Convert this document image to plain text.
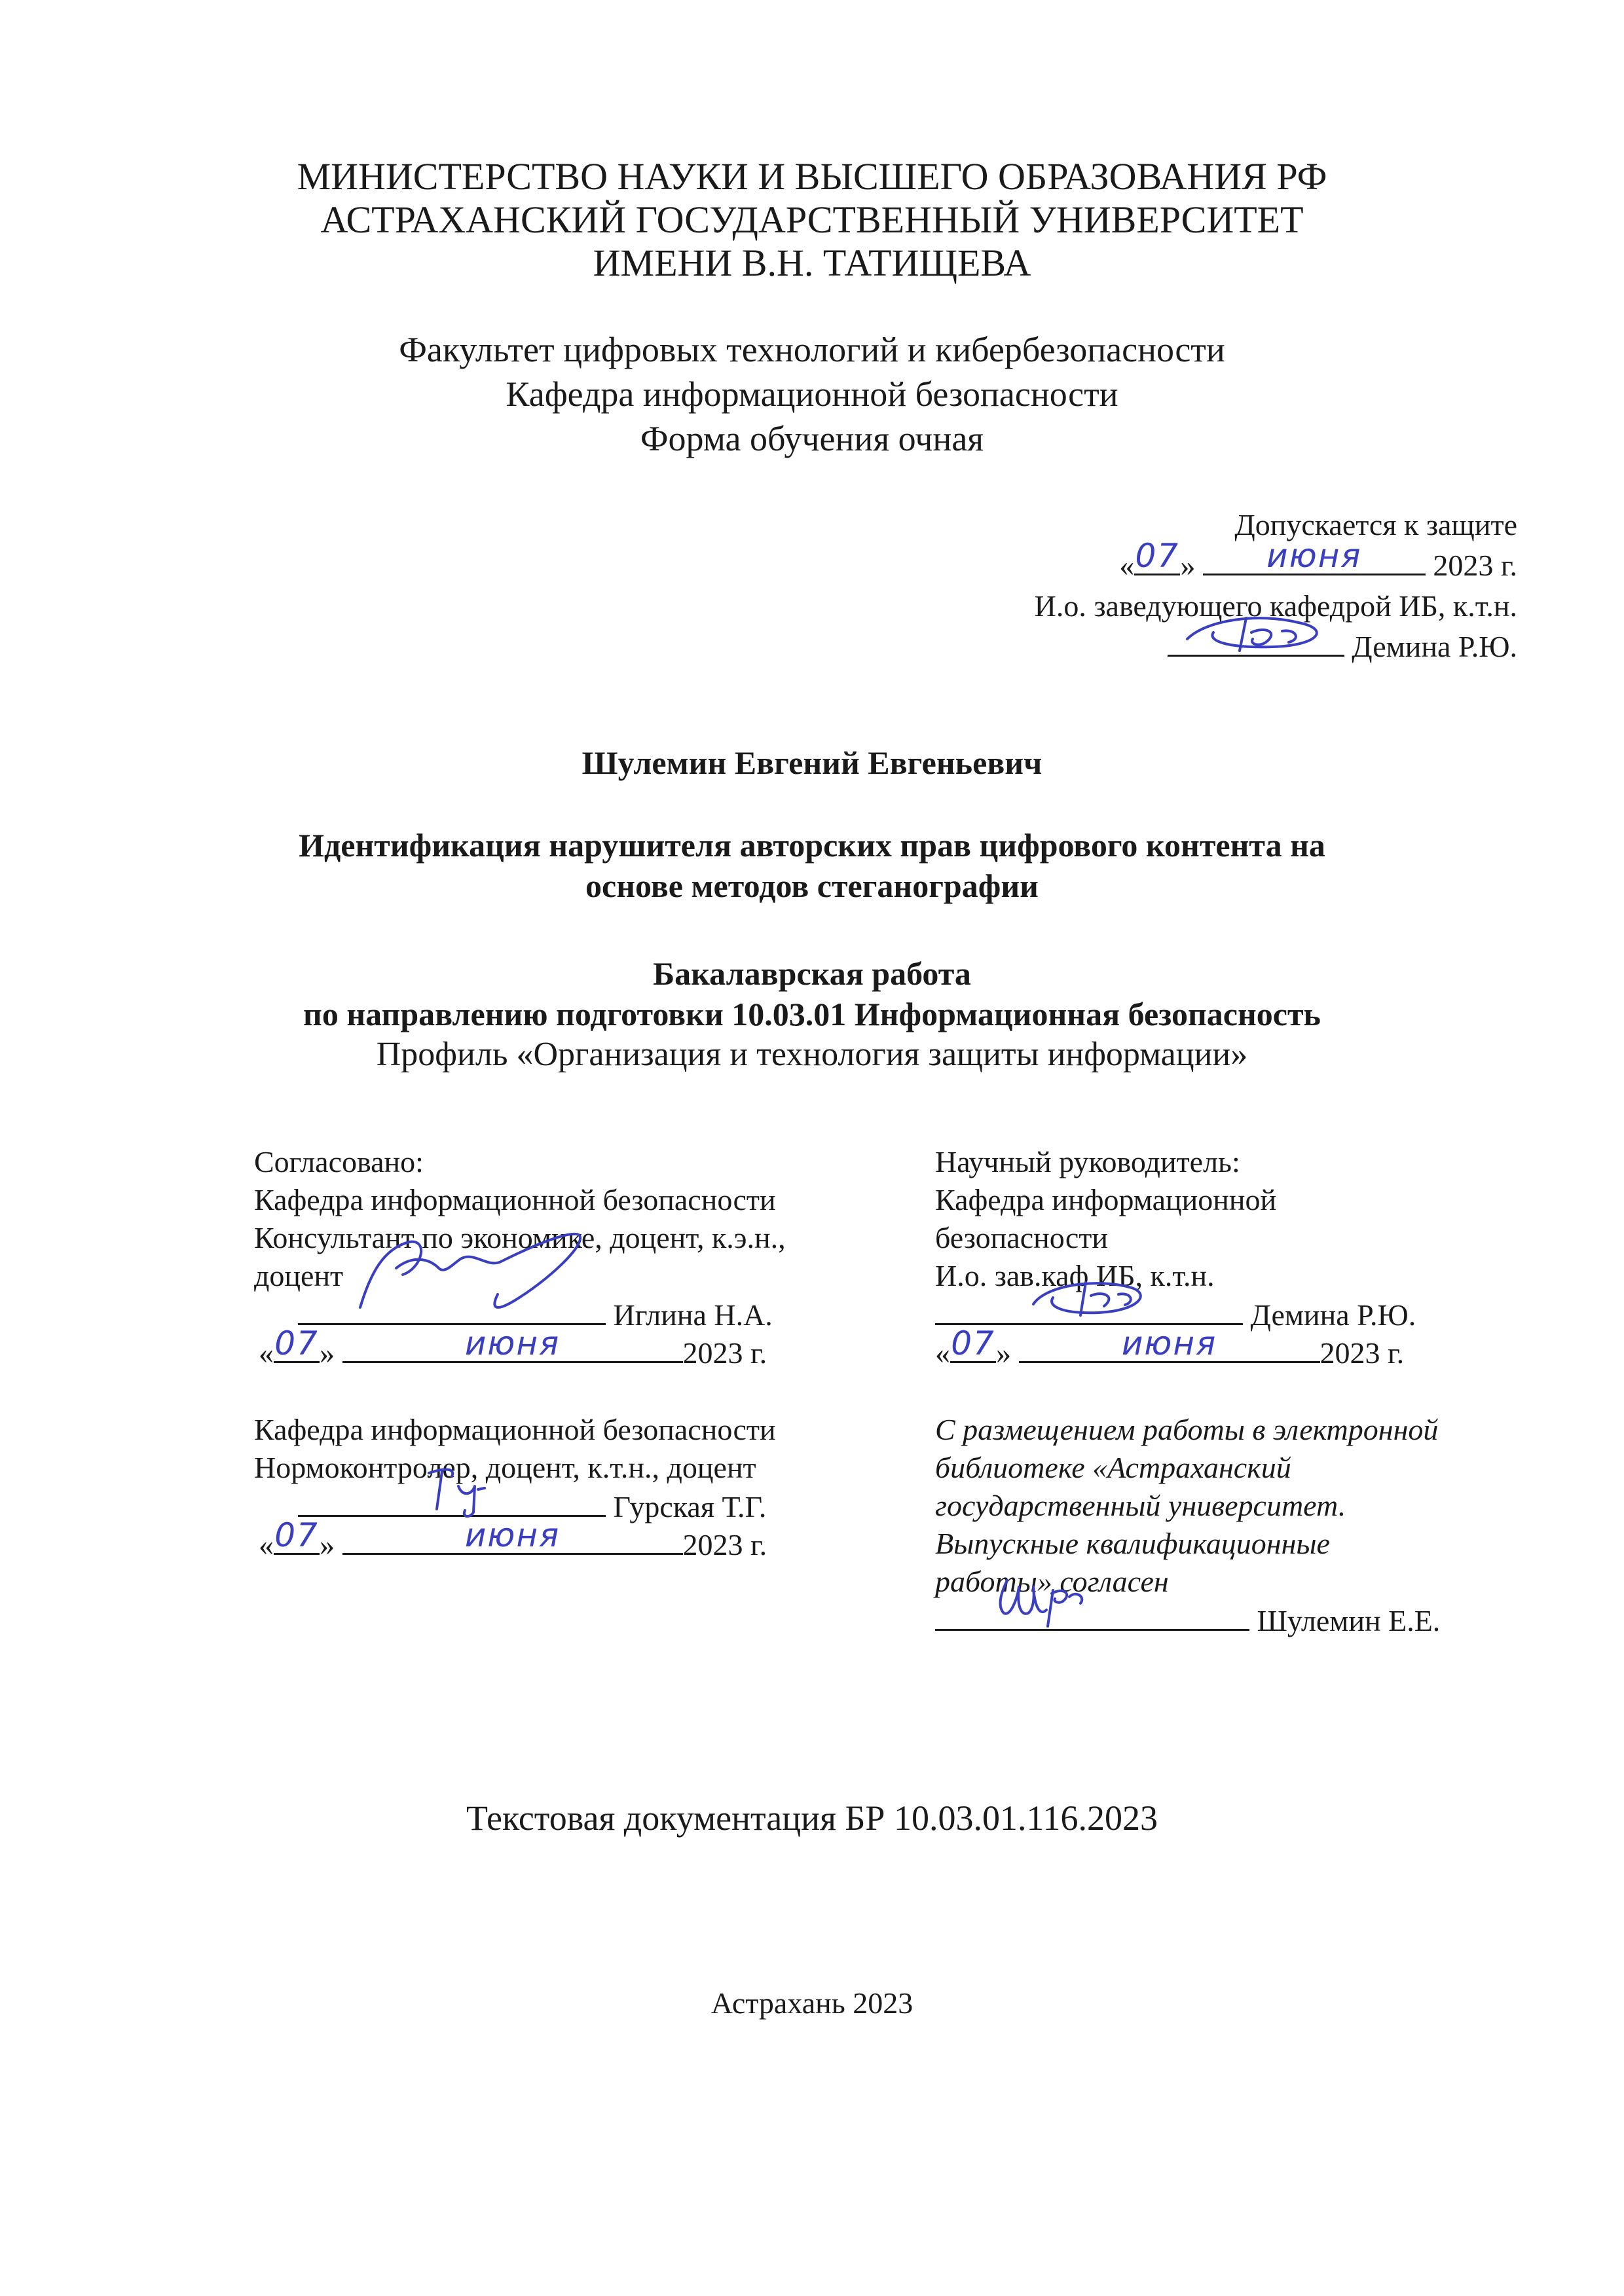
МИНИСТЕРСТВО НАУКИ И ВЫСШЕГО ОБРАЗОВАНИЯ РФ
АСТРАХАНСКИЙ ГОСУДАРСТВЕННЫЙ УНИВЕРСИТЕТ
ИМЕНИ В.Н. ТАТИЩЕВА
Факультет цифровых технологий и кибербезопасности
Кафедра информационной безопасности
Форма обучения очная
Допускается к защите
« 07 »	июня	2023 г.
И.о. заведующего кафедрой ИБ, к.т.н.
Демина Р.Ю.
Шулемин Евгений Евгеньевич
Идентификация нарушителя авторских прав цифрового контента на
основе методов стеганографии
Бакалаврская работа
по направлению подготовки 10.03.01 Информационная безопасность
Профиль «Организация и технология защиты информации»
Согласовано:
Кафедра информационной безопасности
Консультант по экономике, доцент, к.э.н.,
доцент
Иглина Н.А.
« 07 »	июня	2023 г.
Кафедра информационной безопасности
Нормоконтролер, доцент, к.т.н., доцент
Гурская Т.Г.
« 07 »	июня	2023 г.
Научный руководитель:
Кафедра информационной
безопасности
И.о. зав.каф ИБ, к.т.н.
Демина Р.Ю.
« 07 »	июня	2023 г.
С размещением работы в электронной
библиотеке «Астраханский
государственный университет.
Выпускные квалификационные
работы» согласен
Шулемин Е.Е.
Текстовая документация БР 10.03.01.116.2023
Астрахань 2023
